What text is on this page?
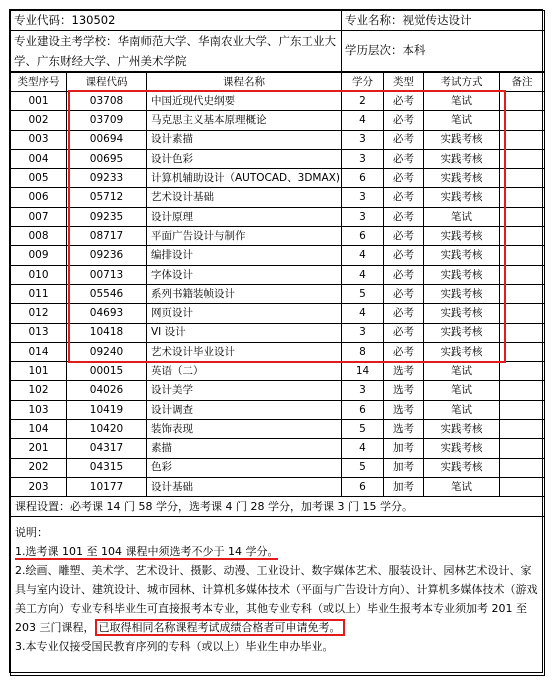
专业代码：130502	专业名称：视觉传达设计
专业建设主考学校：华南师范大学、华南农业大学、广东工业大学、广东财经大学、广州美术学院	学历层次：本科
类型序号	课程代码	课程名称	学分	类型	考试方式	备注
001	03708	中国近现代史纲要	2	必考	笔试	
002	03709	马克思主义基本原理概论	4	必考	笔试	
003	00694	设计素描	3	必考	实践考核	
004	00695	设计色彩	3	必考	实践考核	
005	09233	计算机辅助设计（AUTOCAD、3DMAX)	6	必考	实践考核	
006	05712	艺术设计基础	3	必考	实践考核	
007	09235	设计原理	3	必考	笔试	
008	08717	平面广告设计与制作	6	必考	实践考核	
009	09236	编排设计	4	必考	实践考核	
010	00713	字体设计	4	必考	实践考核	
011	05546	系列书籍装帧设计	5	必考	实践考核	
012	04693	网页设计	4	必考	实践考核	
013	10418	VI 设计	3	必考	实践考核	
014	09240	艺术设计毕业设计	8	必考	实践考核	
101	00015	英语（二）	14	选考	笔试	
102	04026	设计美学	3	选考	笔试	
103	10419	设计调查	6	选考	笔试	
104	10420	装饰表现	5	选考	实践考核	
201	04317	素描	4	加考	实践考核	
202	04315	色彩	5	加考	实践考核	
203	10177	设计基础	6	加考	笔试	
课程设置：必考课 14 门 58 学分，选考课 4 门 28 学分，加考课 3 门 15 学分。						

说明：

1.选考课 101 至 104 课程中须选考不少于 14 学分。

2.绘画、雕塑、美术学、艺术设计、摄影、动漫、工业设计、数字媒体艺术、服装设计、园林艺术设计、家具与室内设计、建筑设计、城市园林、计算机多媒体技术（平面与广告设计方向）、计算机多媒体技术（游戏美工方向）专业专科毕业生可直接报考本专业，其他专业专科（或以上）毕业生报考本专业须加考 201 至 203 三门课程， 已取得相同名称课程考试成绩合格者可申请免考。

3.本专业仅接受国民教育序列的专科（或以上）毕业生申办毕业。						
